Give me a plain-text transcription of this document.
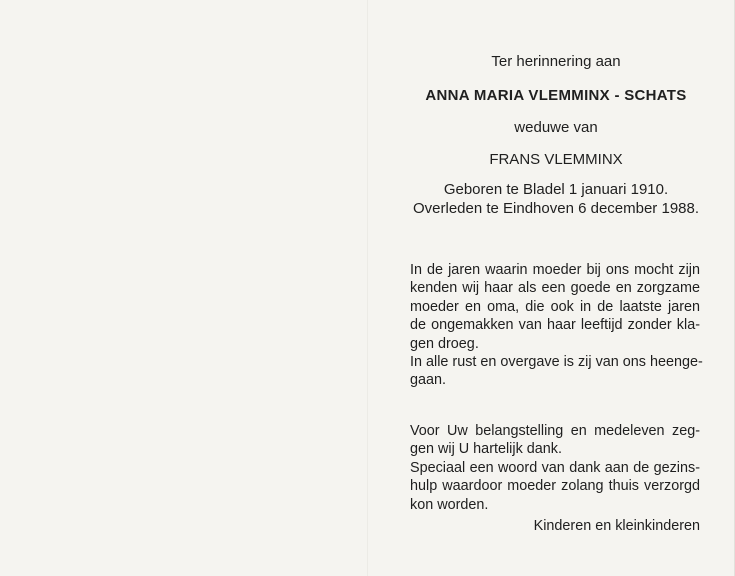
Ter herinnering aan
ANNA MARIA VLEMMINX - SCHATS
weduwe van
FRANS VLEMMINX
Geboren te Bladel 1 januari 1910.
Overleden te Eindhoven 6 december 1988.
In de jaren waarin moeder bij ons mocht zijn
kenden wij haar als een goede en zorgzame
moeder en oma, die ook in de laatste jaren
de ongemakken van haar leeftijd zonder kla-
gen droeg.
In alle rust en overgave is zij van ons heenge-
gaan.
Voor Uw belangstelling en medeleven zeg-
gen wij U hartelijk dank.
Speciaal een woord van dank aan de gezins-
hulp waardoor moeder zolang thuis verzorgd
kon worden.
Kinderen en kleinkinderen
